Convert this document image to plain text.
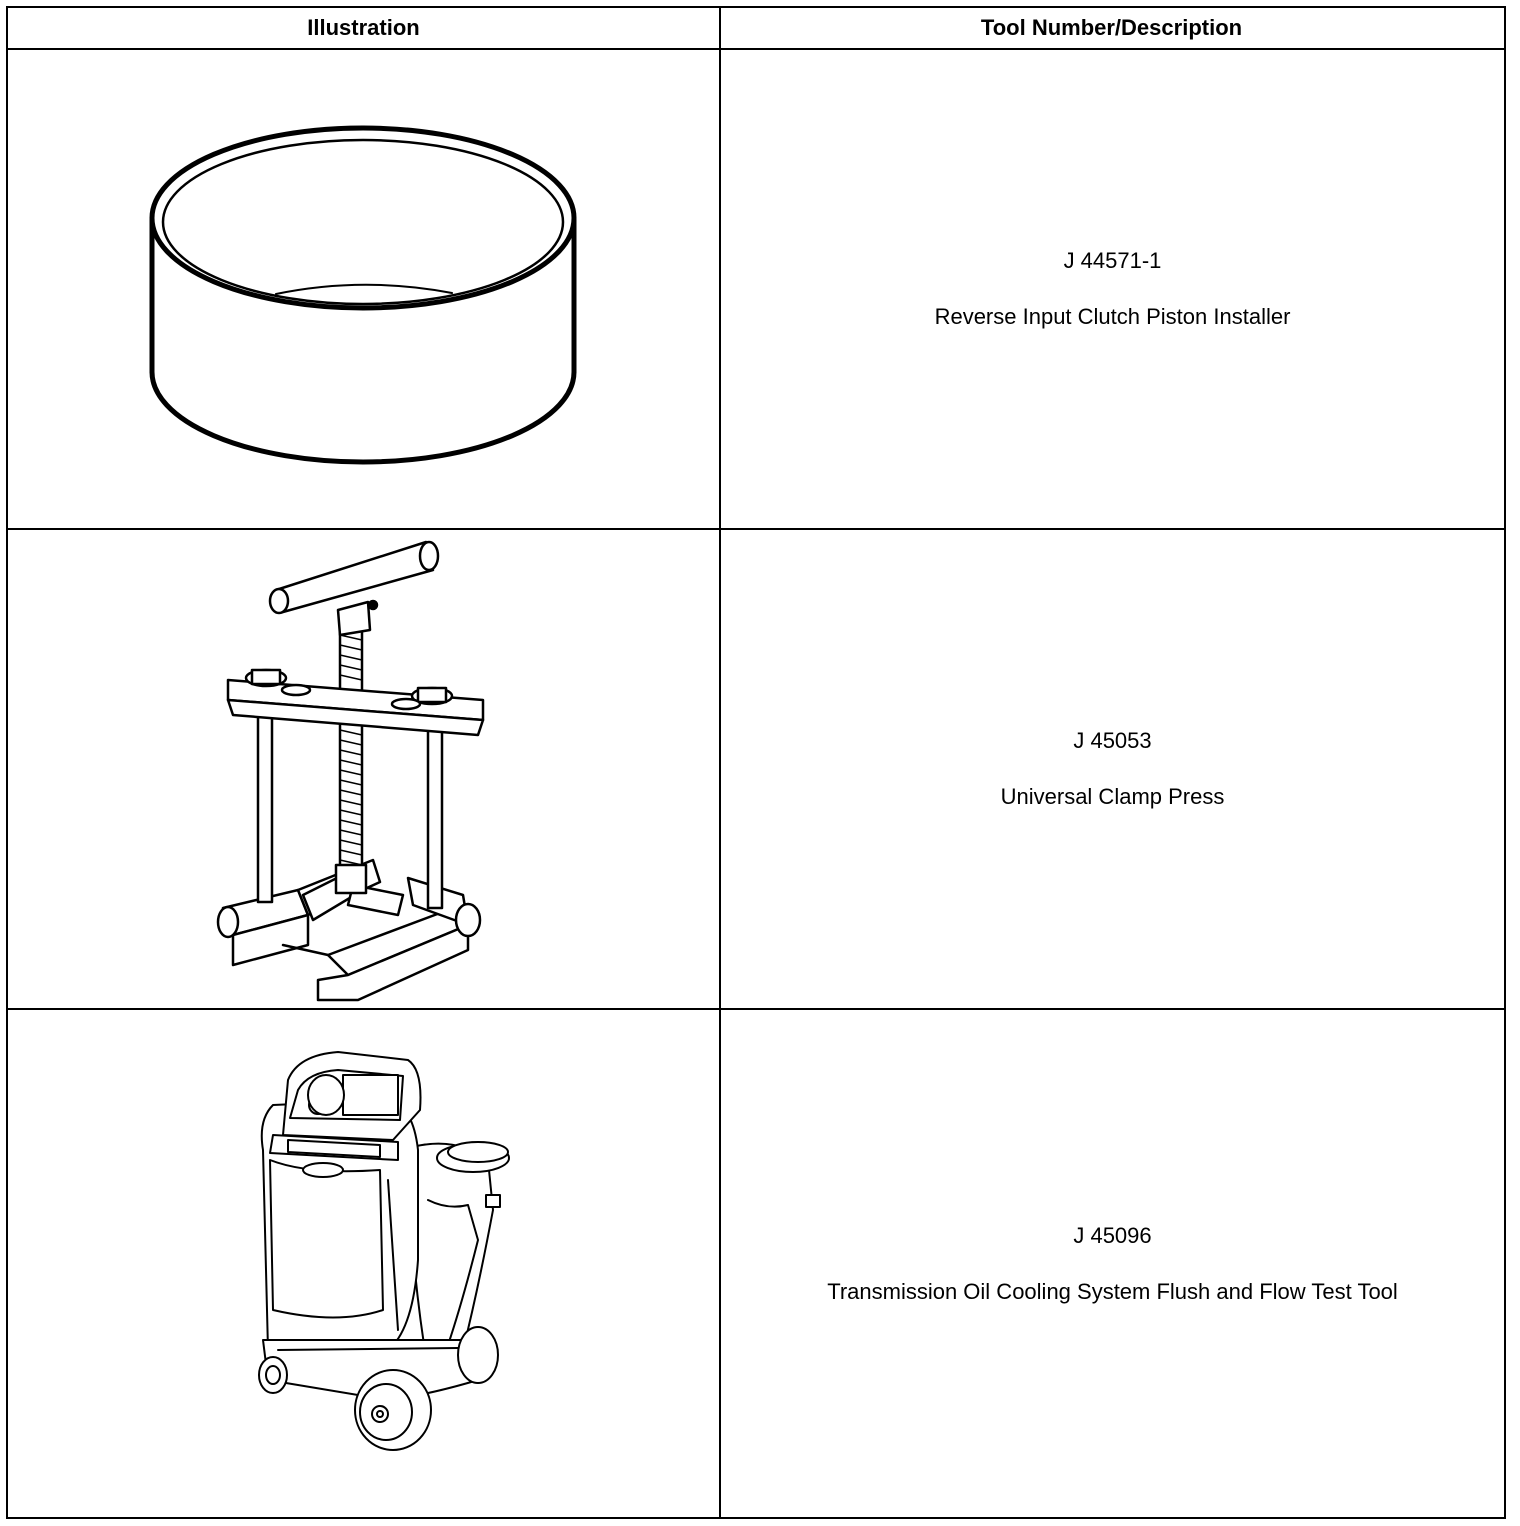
Illustration	Tool Number/Description
J 44571-1
Reverse Input Clutch Piston Installer
J 45053
Universal Clamp Press
J 45096
Transmission Oil Cooling System Flush and Flow Test Tool
